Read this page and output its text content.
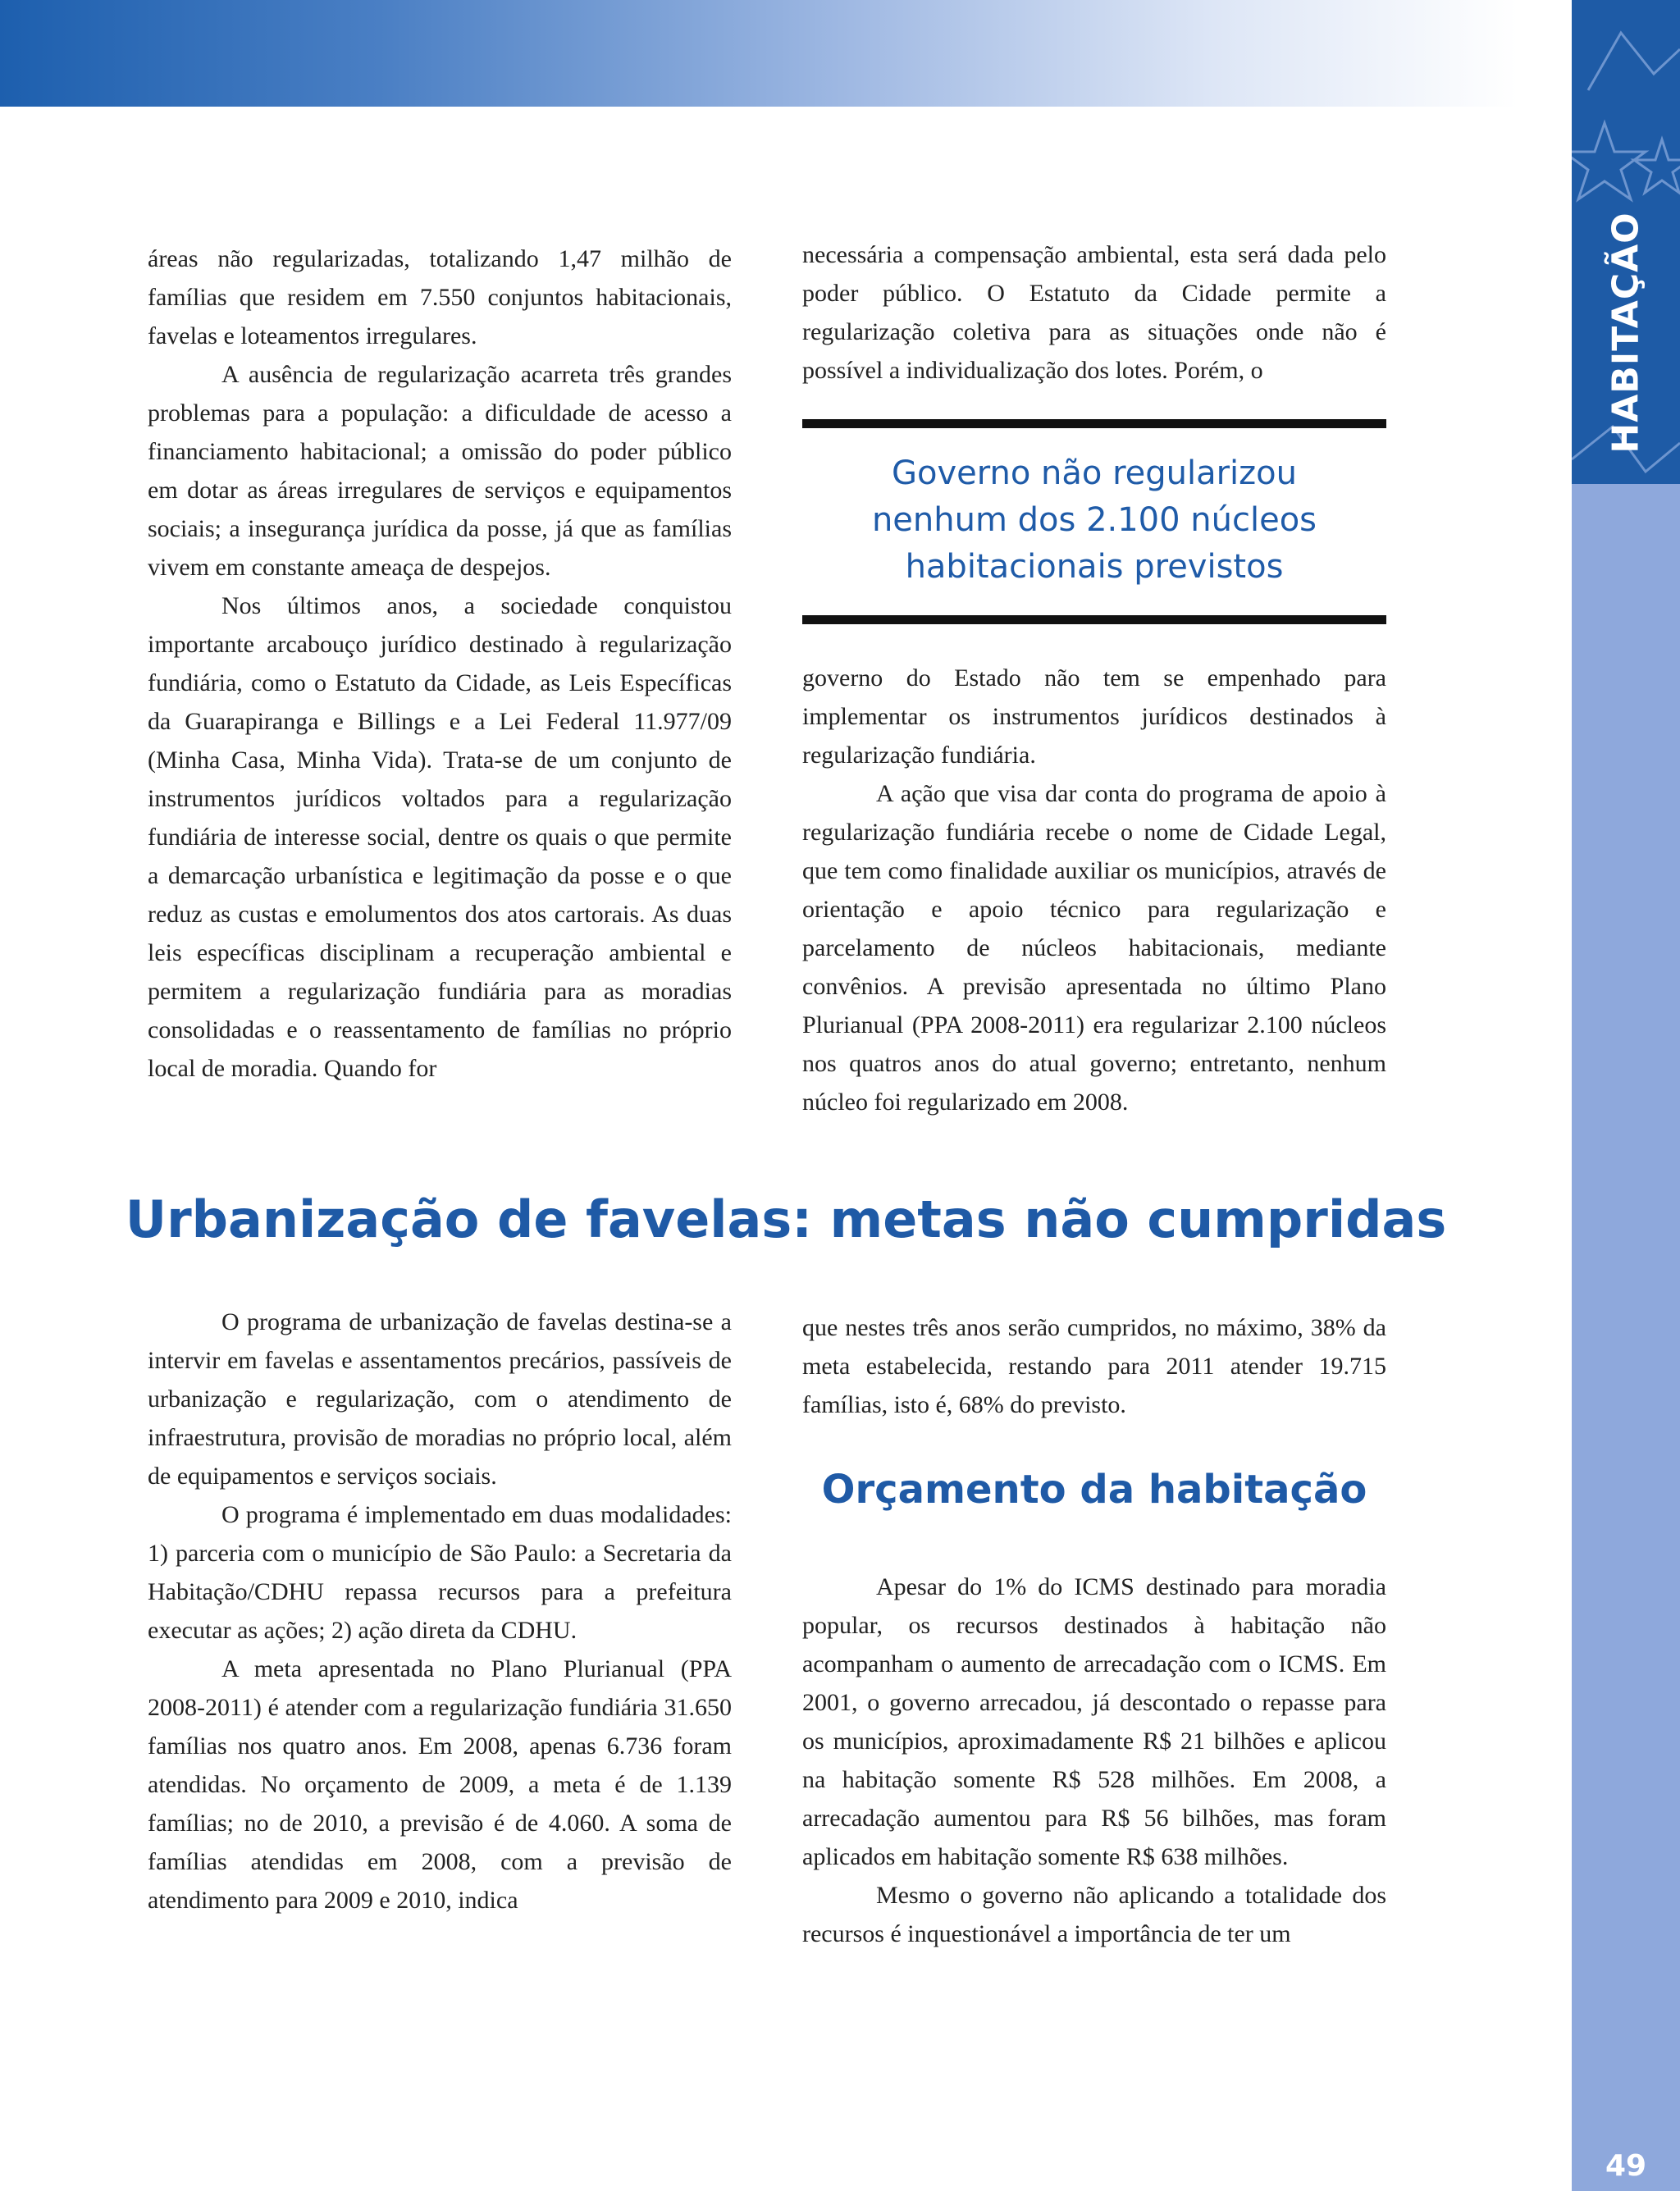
HABITAÇÃO
49

áreas não regularizadas, totalizando 1,47 milhão de famílias que residem em 7.550 conjuntos habitacionais, favelas e loteamentos irregulares.

A ausência de regularização acarreta três grandes problemas para a população: a dificuldade de acesso a financiamento habitacional; a omissão do poder público em dotar as áreas irregulares de serviços e equipamentos sociais; a insegurança jurídica da posse, já que as famílias vivem em constante ameaça de despejos.

Nos últimos anos, a sociedade conquistou importante arcabouço jurídico destinado à regularização fundiária, como o Estatuto da Cidade, as Leis Específicas da Guarapiranga e Billings e a Lei Federal 11.977/09 (Minha Casa, Minha Vida). Trata-se de um conjunto de instrumentos jurídicos voltados para a regularização fundiária de interesse social, dentre os quais o que permite a demarcação urbanística e legitimação da posse e o que reduz as custas e emolumentos dos atos cartorais. As duas leis específicas disciplinam a recuperação ambiental e permitem a regularização fundiária para as moradias consolidadas e o reassentamento de famílias no próprio local de moradia. Quando for

necessária a compensação ambiental, esta será dada pelo poder público. O Estatuto da Cidade permite a regularização coletiva para as situações onde não é possível a individualização dos lotes. Porém, o

Governo não regularizou
nenhum dos 2.100 núcleos
habitacionais previstos

governo do Estado não tem se empenhado para implementar os instrumentos jurídicos destinados à regularização fundiária.

A ação que visa dar conta do programa de apoio à regularização fundiária recebe o nome de Cidade Legal, que tem como finalidade auxiliar os municípios, através de orientação e apoio técnico para regularização e parcelamento de núcleos habitacionais, mediante convênios. A previsão apresentada no último Plano Plurianual (PPA 2008-2011) era regularizar 2.100 núcleos nos quatros anos do atual governo; entretanto, nenhum núcleo foi regularizado em 2008.

Urbanização de favelas: metas não cumpridas

O programa de urbanização de favelas destina-se a intervir em favelas e assentamentos precários, passíveis de urbanização e regularização, com o atendimento de infraestrutura, provisão de moradias no próprio local, além de equipamentos e serviços sociais.

O programa é implementado em duas modalidades: 1) parceria com o município de São Paulo: a Secretaria da Habitação/CDHU repassa recursos para a prefeitura executar as ações; 2) ação direta da CDHU.

A meta apresentada no Plano Plurianual (PPA 2008-2011) é atender com a regularização fundiária 31.650 famílias nos quatro anos. Em 2008, apenas 6.736 foram atendidas. No orçamento de 2009, a meta é de 1.139 famílias; no de 2010, a previsão é de 4.060. A soma de famílias atendidas em 2008, com a previsão de atendimento para 2009 e 2010, indica

que nestes três anos serão cumpridos, no máximo, 38% da meta estabelecida, restando para 2011 atender 19.715 famílias, isto é, 68% do previsto.

Orçamento da habitação

Apesar do 1% do ICMS destinado para moradia popular, os recursos destinados à habitação não acompanham o aumento de arrecadação com o ICMS. Em 2001, o governo arrecadou, já descontado o repasse para os municípios, aproximadamente R$ 21 bilhões e aplicou na habitação somente R$ 528 milhões. Em 2008, a arrecadação aumentou para R$ 56 bilhões, mas foram aplicados em habitação somente R$ 638 milhões.

Mesmo o governo não aplicando a totalidade dos recursos é inquestionável a importância de ter um
